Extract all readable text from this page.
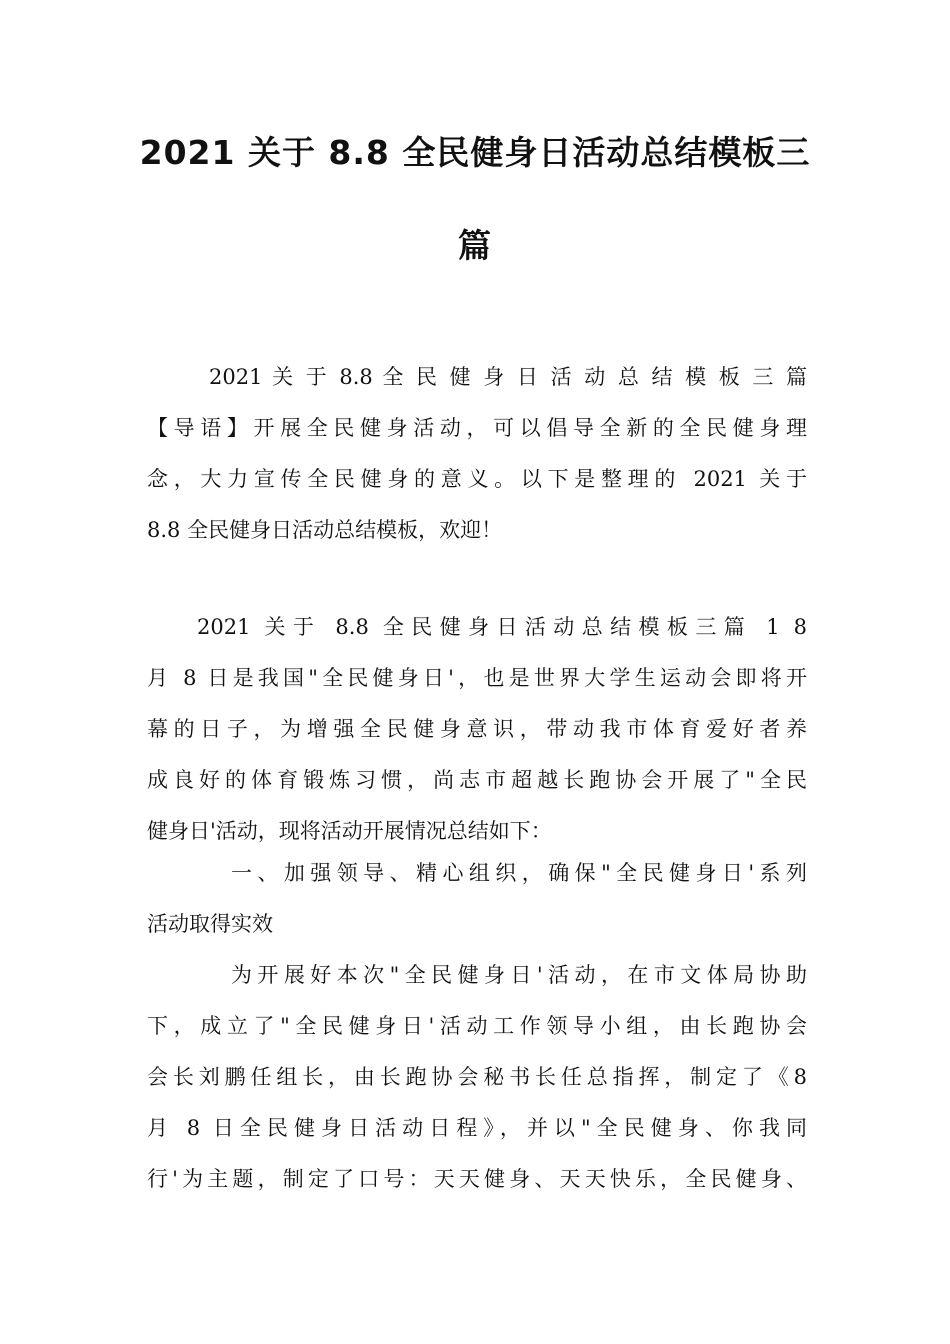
2021 关于 8.8 全民健身日活动总结模板三
篇
2021 关 于 8.8 全 民 健 身 日 活 动 总 结 模 板 三 篇
【导语】开展全民健身活动，可以倡导全新的全民健身理
念，大力宣传全民健身的意义。以下是整理的 2021 关于
8.8 全民健身日活动总结模板，欢迎！
2021 关于 8.8 全民健身日活动总结模板三篇 1 8
月 8 日是我国"全民健身日'，也是世界大学生运动会即将开
幕的日子，为增强全民健身意识，带动我市体育爱好者养
成良好的体育锻炼习惯，尚志市超越长跑协会开展了"全民
健身日'活动，现将活动开展情况总结如下：
一、加强领导、精心组织，确保"全民健身日'系列
活动取得实效
为开展好本次"全民健身日'活动，在市文体局协助
下，成立了"全民健身日'活动工作领导小组，由长跑协会
会长刘鹏任组长，由长跑协会秘书长任总指挥，制定了《8
月 8 日全民健身日活动日程》，并以"全民健身、你我同
行'为主题，制定了口号：天天健身、天天快乐，全民健身、
